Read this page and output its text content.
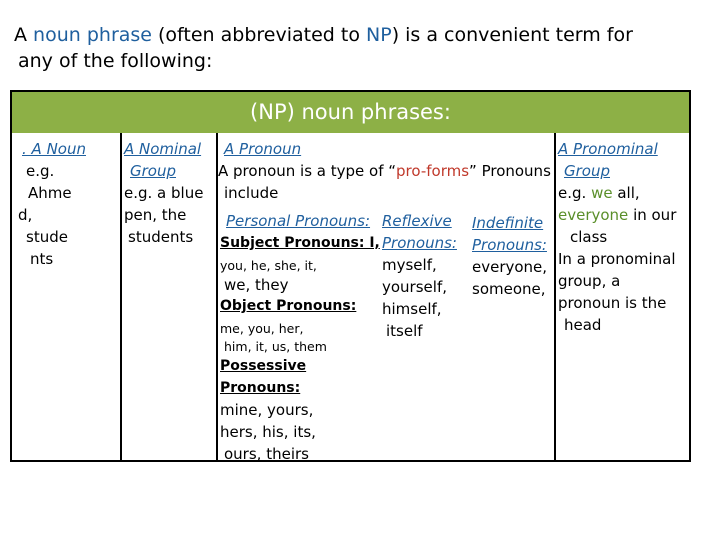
A noun phrase (often abbreviated to NP) is a convenient term for
any of the following:
(NP) noun phrases:
. A Noun
e.g.
Ahme
d,
stude
nts
A Nominal
Group
e.g. a blue
pen, the
students
A Pronoun
A pronoun is a type of “pro-forms” Pronouns
include
Personal Pronouns:
Subject Pronouns: I,
you, he, she, it,
we, they
Object Pronouns:
me, you, her,
him, it, us, them
Possessive
Pronouns:
mine, yours,
hers, his, its,
ours, theirs
Reflexive
Pronouns:
myself,
yourself,
himself,
itself
Indefinite
Pronouns:
everyone,
someone,
A Pronominal
Group
e.g. we all,
everyone in our
class
In a pronominal
group, a
pronoun is the
head
